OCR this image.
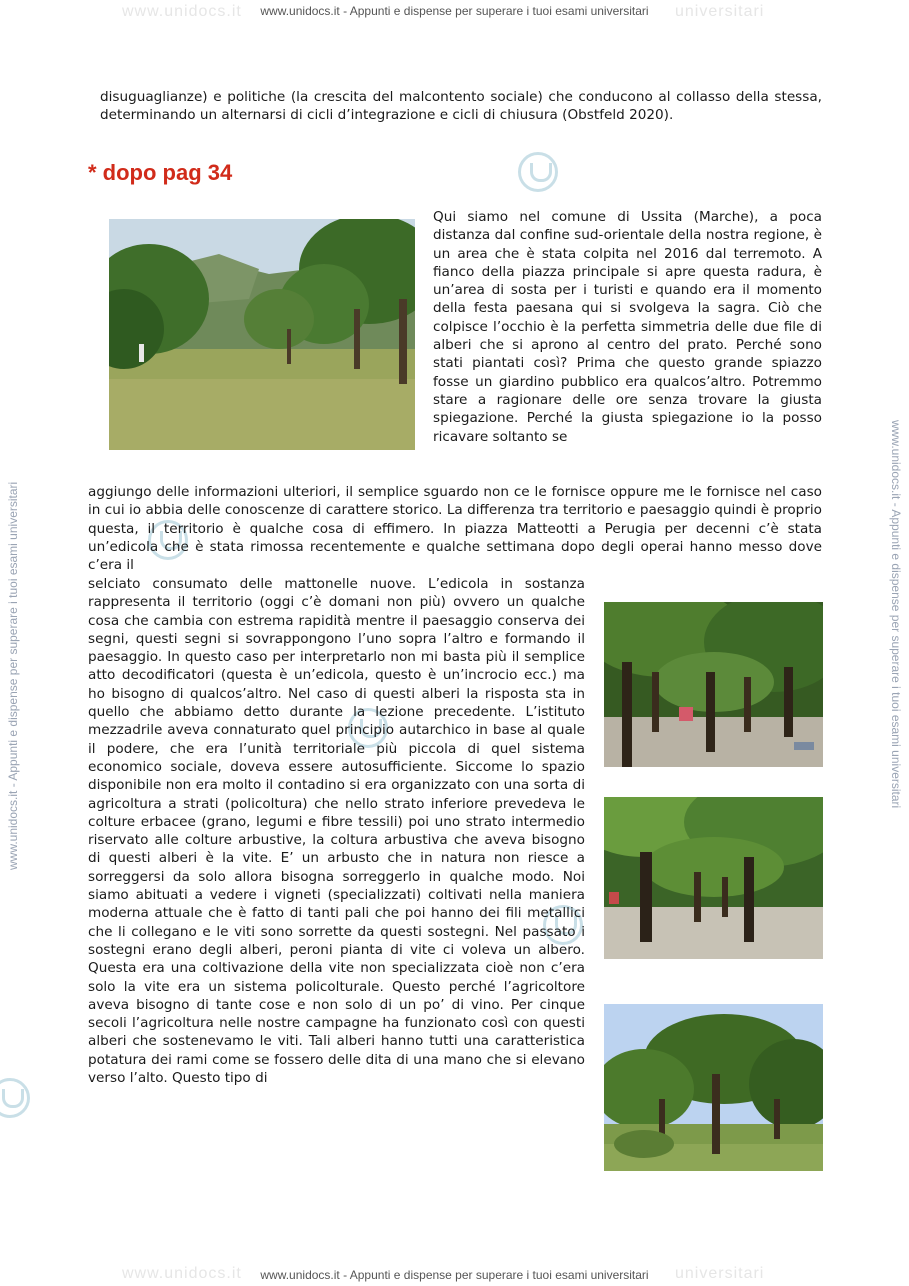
www.unidocs.it	universitari
www.unidocs.it - Appunti e dispense per superare i tuoi esami universitari
www.unidocs.it - Appunti e dispense per superare i tuoi esami universitari	www.unidocs.it - Appunti e dispense per superare i tuoi esami universitari

disuguaglianze) e politiche (la crescita del malcontento sociale) che conducono al collasso della stessa, determinando un alternarsi di cicli d’integrazione e cicli di chiusura (Obstfeld 2020).

* dopo pag 34

Qui siamo nel comune di Ussita (Marche), a poca distanza dal confine sud-orientale della nostra regione, è un area che è stata colpita nel 2016 dal terremoto. A fianco della piazza principale si apre questa radura, è un’area di sosta per i turisti e quando era il momento della festa paesana qui si svolgeva la sagra. Ciò che colpisce l’occhio è la perfetta simmetria delle due file di alberi che si aprono al centro del prato. Perché sono stati piantati così? Prima che questo grande spiazzo fosse un giardino pubblico era qualcos’altro. Potremmo stare a ragionare delle ore senza trovare la giusta spiegazione. Perché la giusta spiegazione io la posso ricavare soltanto se

aggiungo delle informazioni ulteriori, il semplice sguardo non ce le fornisce oppure me le fornisce nel caso in cui io abbia delle conoscenze di carattere storico. La differenza tra territorio e paesaggio quindi è proprio questa, il territorio è qualche cosa di effimero. In piazza Matteotti a Perugia per decenni c’è stata un’edicola che è stata rimossa recentemente e qualche settimana dopo degli operai hanno messo dove c’era il

selciato consumato delle mattonelle nuove. L’edicola in sostanza rappresenta il territorio (oggi c’è domani non più) ovvero un qualche cosa che cambia con estrema rapidità mentre il paesaggio conserva dei segni, questi segni si sovrappongono l’uno sopra l’altro e formando il paesaggio. In questo caso per interpretarlo non mi basta più il semplice atto decodificatori (questa è un’edicola, questo è un’incrocio ecc.) ma ho bisogno di qualcos’altro. Nel caso di questi alberi la risposta sta in quello che abbiamo detto durante la lezione precedente. L’istituto mezzadrile aveva connaturato quel principio autarchico in base al quale il podere, che era l’unità territoriale più piccola di quel sistema economico sociale, doveva essere autosufficiente. Siccome lo spazio disponibile non era molto il contadino si era organizzato con una sorta di agricoltura a strati (policoltura) che nello strato inferiore prevedeva le colture erbacee (grano, legumi e fibre tessili) poi uno strato intermedio riservato alle colture arbustive, la coltura arbustiva che aveva bisogno di questi alberi è la vite. E’ un arbusto che in natura non riesce a sorreggersi da solo allora bisogna sorreggerlo in qualche modo. Noi siamo abituati a vedere i vigneti (specializzati) coltivati nella maniera moderna attuale che è fatto di tanti pali che poi hanno dei fili metallici che li collegano e le viti sono sorrette da questi sostegni. Nel passato i sostegni erano degli alberi, peroni pianta di vite ci voleva un albero. Questa era una coltivazione della vite non specializzata cioè non c’era solo la vite era un sistema policolturale. Questo perché l’agricoltore aveva bisogno di tante cose e non solo di un po’ di vino. Per cinque secoli l’agricoltura nelle nostre campagne ha funzionato così con questi alberi che sostenevamo le viti. Tali alberi hanno tutti una caratteristica potatura dei rami come se fossero delle dita di una mano che si elevano verso l’alto. Questo tipo di

www.unidocs.it	universitari
www.unidocs.it - Appunti e dispense per superare i tuoi esami universitari
